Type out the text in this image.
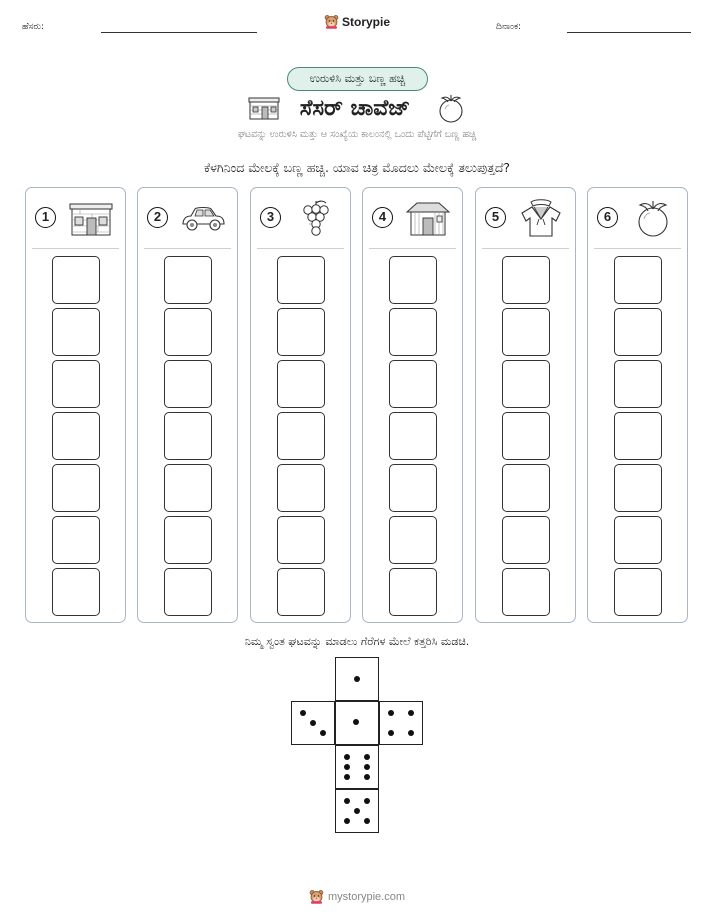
ಹೆಸರು:	Storypie	ದಿನಾಂಕ:
ಉರುಳಿಸಿ ಮತ್ತು ಬಣ್ಣ ಹಚ್ಚಿ
ಸೆಸರ್ ಚಾವೆಜ್
ಘಟವನ್ನು ಉರುಳಿಸಿ ಮತ್ತು ಆ ಸಂಖ್ಯೆಯ ಕಾಲಂನಲ್ಲಿ ಒಂದು ಪೆಟ್ಟಿಗೆಗೆ ಬಣ್ಣ ಹಚ್ಚಿ
ಕೆಳಗಿನಿಂದ ಮೇಲಕ್ಕೆ ಬಣ್ಣ ಹಚ್ಚಿ. ಯಾವ ಚಿತ್ರ ಮೊದಲು ಮೇಲಕ್ಕೆ ತಲುಪುತ್ತದೆ?
1	2	3	4	5	6
ನಿಮ್ಮ ಸ್ವಂತ ಘಟವನ್ನು ಮಾಡಲು ಗೆರೆಗಳ ಮೇಲೆ ಕತ್ತರಿಸಿ ಮಡಚಿ.
mystorypie.com
